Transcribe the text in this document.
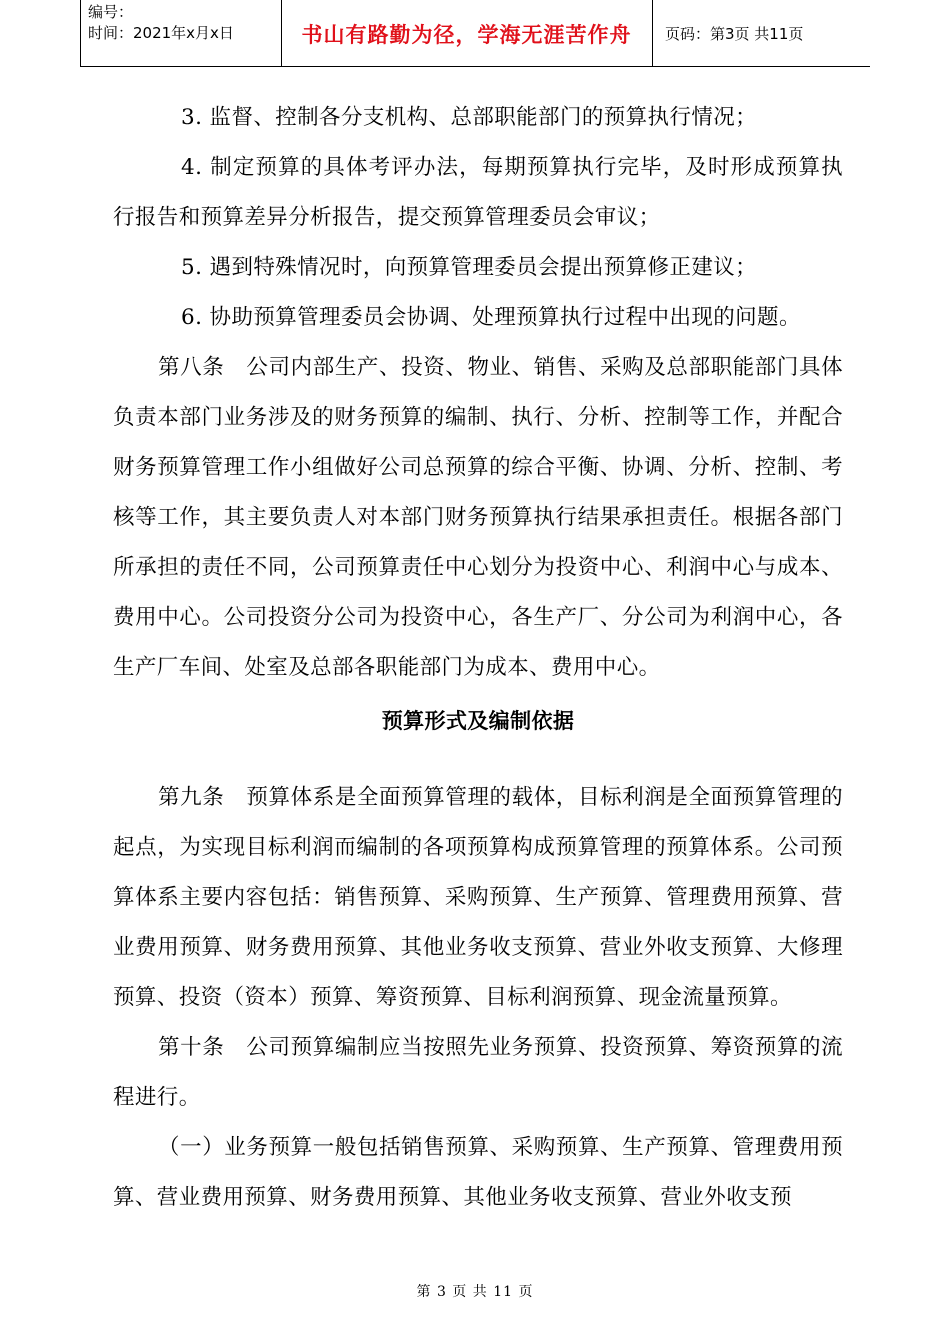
编号：
时间：2021年x月x日	书山有路勤为径，学海无涯苦作舟	页码：第3页 共11页

3. 监督、控制各分支机构、总部职能部门的预算执行情况；

4. 制定预算的具体考评办法，每期预算执行完毕，及时形成预算执行报告和预算差异分析报告，提交预算管理委员会审议；

5. 遇到特殊情况时，向预算管理委员会提出预算修正建议；

6. 协助预算管理委员会协调、处理预算执行过程中出现的问题。

第八条　公司内部生产、投资、物业、销售、采购及总部职能部门具体负责本部门业务涉及的财务预算的编制、执行、分析、控制等工作，并配合财务预算管理工作小组做好公司总预算的综合平衡、协调、分析、控制、考核等工作，其主要负责人对本部门财务预算执行结果承担责任。根据各部门所承担的责任不同，公司预算责任中心划分为投资中心、利润中心与成本、费用中心。公司投资分公司为投资中心，各生产厂、分公司为利润中心，各生产厂车间、处室及总部各职能部门为成本、费用中心。

预算形式及编制依据

第九条　预算体系是全面预算管理的载体，目标利润是全面预算管理的起点，为实现目标利润而编制的各项预算构成预算管理的预算体系。公司预算体系主要内容包括：销售预算、采购预算、生产预算、管理费用预算、营业费用预算、财务费用预算、其他业务收支预算、营业外收支预算、大修理预算、投资（资本）预算、筹资预算、目标利润预算、现金流量预算。

第十条　公司预算编制应当按照先业务预算、投资预算、筹资预算的流程进行。

（一）业务预算一般包括销售预算、采购预算、生产预算、管理费用预算、营业费用预算、财务费用预算、其他业务收支预算、营业外收支预

第 3 页 共 11 页
